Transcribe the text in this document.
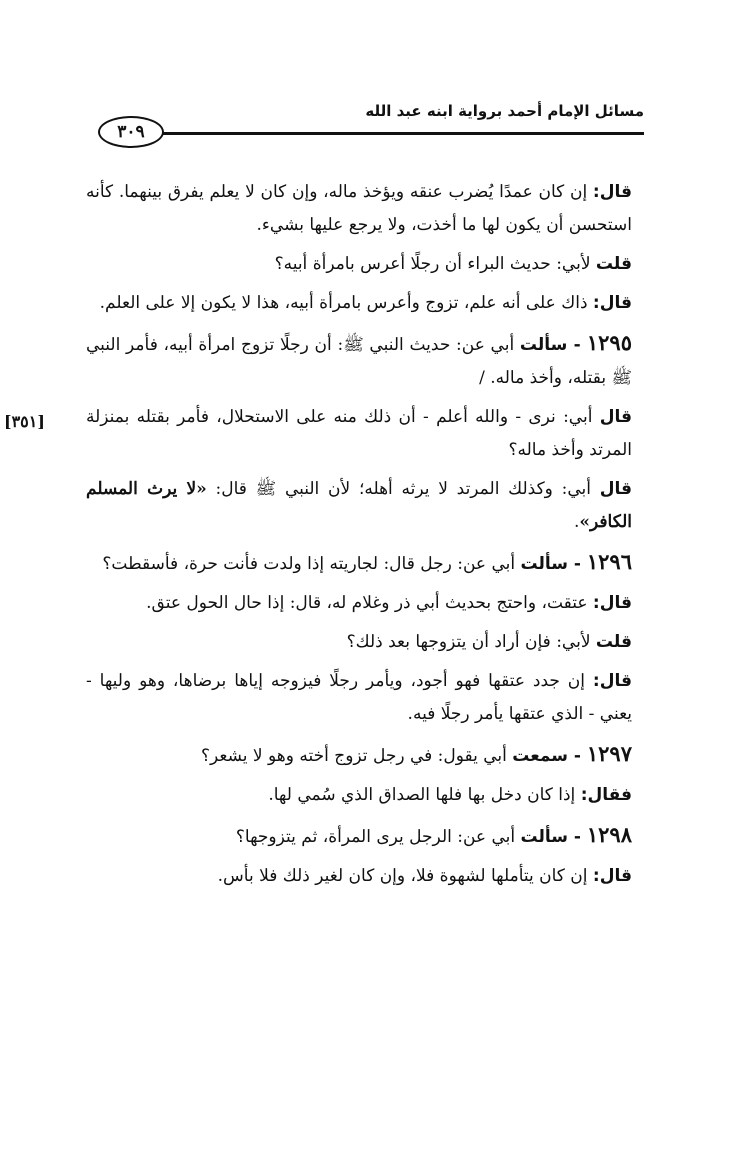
مسائل الإمام أحمد برواية ابنه عبد الله
٣٠٩
[٣٥١]

قال: إن كان عمدًا يُضرب عنقه ويؤخذ ماله، وإن كان لا يعلم يفرق بينهما. كأنه استحسن أن يكون لها ما أخذت، ولا يرجع عليها بشيء.

قلت لأبي: حديث البراء أن رجلًا أعرس بامرأة أبيه؟

قال: ذاك على أنه علم، تزوج وأعرس بامرأة أبيه، هذا لا يكون إلا على العلم.

١٢٩٥ - سألت أبي عن: حديث النبي ﷺ: أن رجلًا تزوج امرأة أبيه، فأمر النبي ﷺ بقتله، وأخذ ماله. /

قال أبي: نرى - والله أعلم - أن ذلك منه على الاستحلال، فأمر بقتله بمنزلة المرتد وأخذ ماله؟

قال أبي: وكذلك المرتد لا يرثه أهله؛ لأن النبي ﷺ قال: «لا يرث المسلم الكافر».

١٢٩٦ - سألت أبي عن: رجل قال: لجاريته إذا ولدت فأنت حرة، فأسقطت؟

قال: عتقت، واحتج بحديث أبي ذر وغلام له، قال: إذا حال الحول عتق.

قلت لأبي: فإن أراد أن يتزوجها بعد ذلك؟

قال: إن جدد عتقها فهو أجود، ويأمر رجلًا فيزوجه إياها برضاها، وهو وليها - يعني - الذي عتقها يأمر رجلًا فيه.

١٢٩٧ - سمعت أبي يقول: في رجل تزوج أخته وهو لا يشعر؟

فقال: إذا كان دخل بها فلها الصداق الذي سُمي لها.

١٢٩٨ - سألت أبي عن: الرجل يرى المرأة، ثم يتزوجها؟

قال: إن كان يتأملها لشهوة فلا، وإن كان لغير ذلك فلا بأس.
